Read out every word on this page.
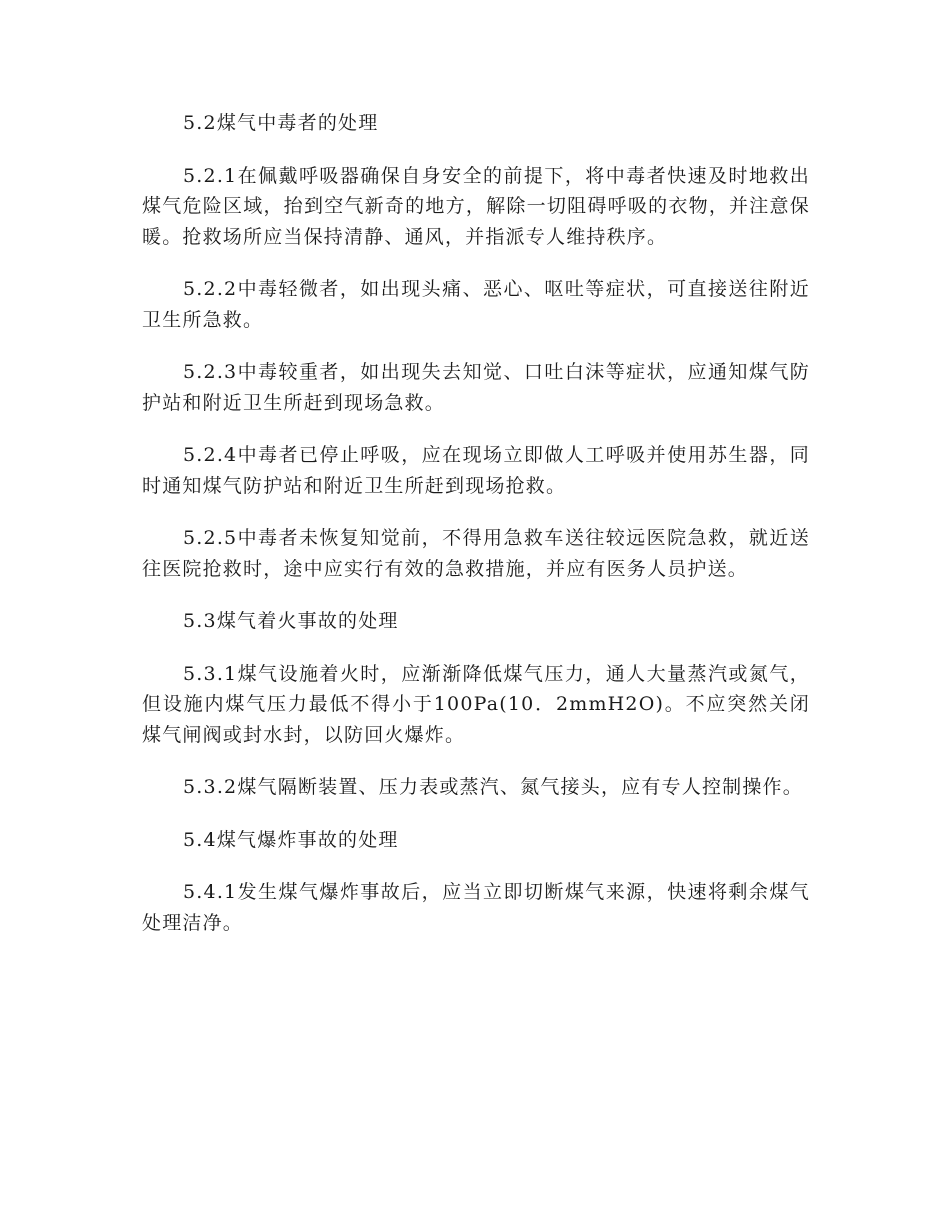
5.2煤气中毒者的处理

5.2.1在佩戴呼吸器确保自身安全的前提下，将中毒者快速及时地救出煤气危险区域，抬到空气新奇的地方，解除一切阻碍呼吸的衣物，并注意保暖。抢救场所应当保持清静、通风，并指派专人维持秩序。

5.2.2中毒轻微者，如出现头痛、恶心、呕吐等症状，可直接送往附近卫生所急救。

5.2.3中毒较重者，如出现失去知觉、口吐白沫等症状，应通知煤气防护站和附近卫生所赶到现场急救。

5.2.4中毒者已停止呼吸，应在现场立即做人工呼吸并使用苏生器，同时通知煤气防护站和附近卫生所赶到现场抢救。

5.2.5中毒者未恢复知觉前，不得用急救车送往较远医院急救，就近送往医院抢救时，途中应实行有效的急救措施，并应有医务人员护送。

5.3煤气着火事故的处理

5.3.1煤气设施着火时，应渐渐降低煤气压力，通人大量蒸汽或氮气，但设施内煤气压力最低不得小于100Pa(10．2mmH2O)。不应突然关闭煤气闸阀或封水封，以防回火爆炸。

5.3.2煤气隔断装置、压力表或蒸汽、氮气接头，应有专人控制操作。

5.4煤气爆炸事故的处理

5.4.1发生煤气爆炸事故后，应当立即切断煤气来源，快速将剩余煤气处理洁净。
